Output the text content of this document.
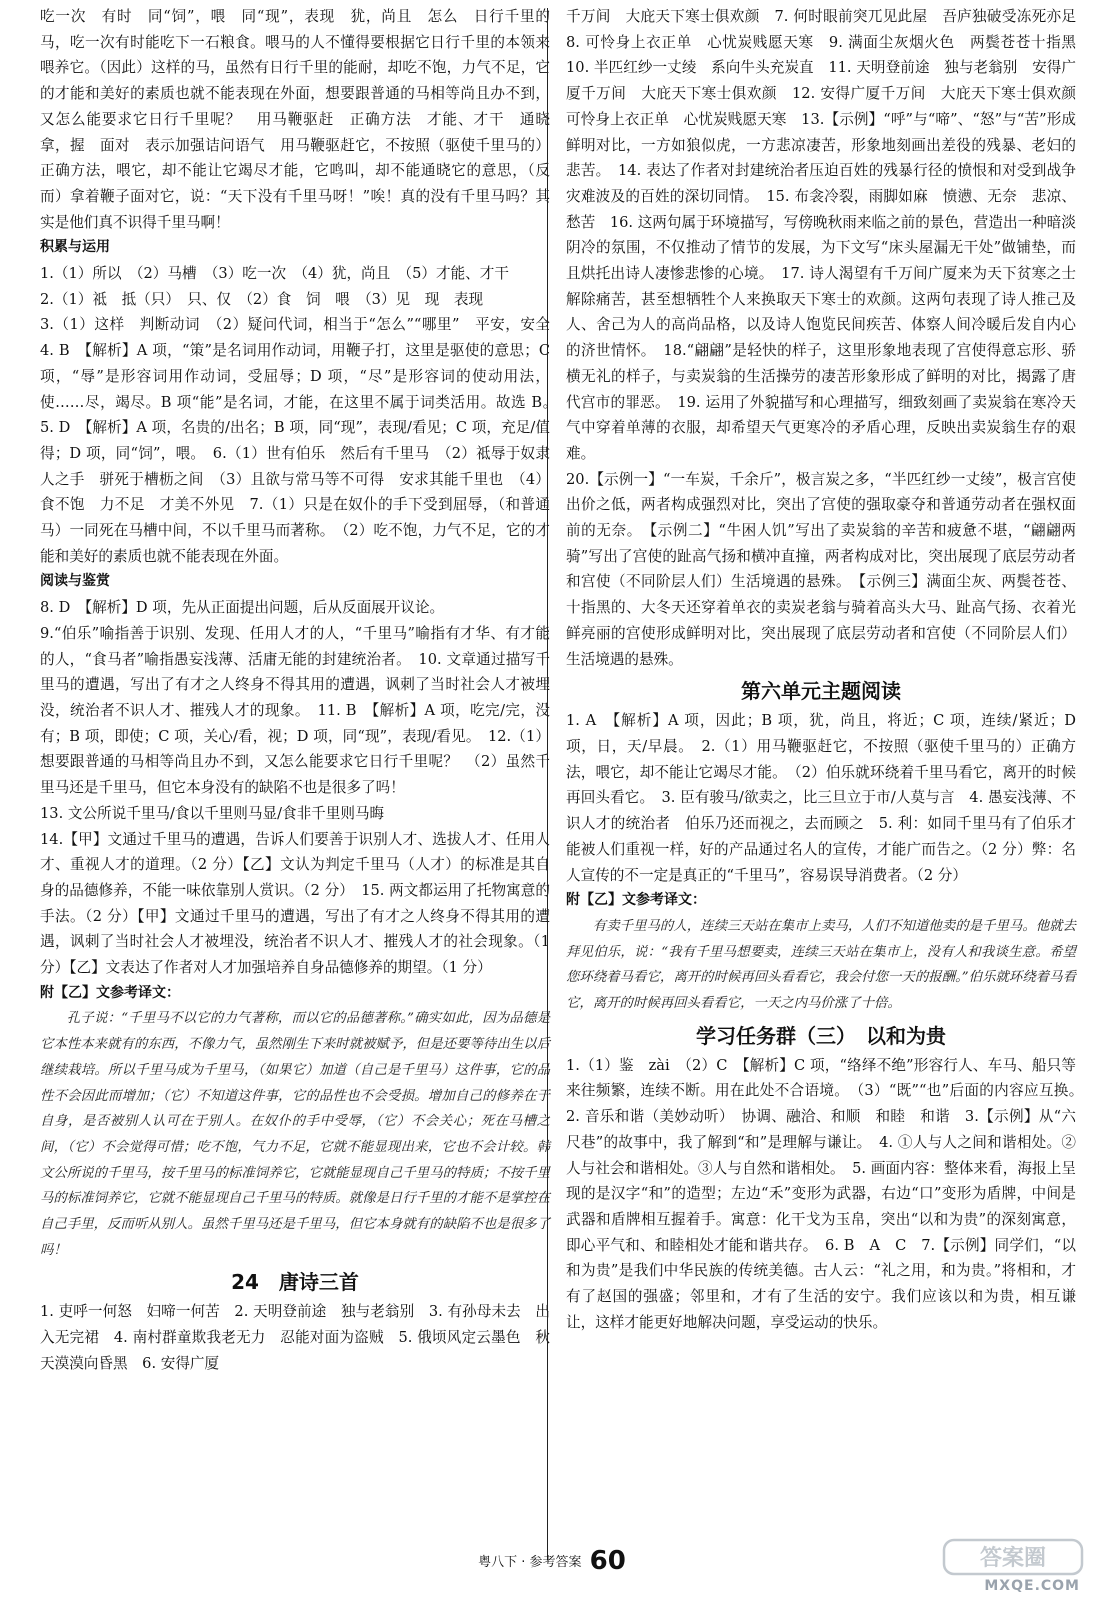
吃一次　有时　同“饲”，喂　同“现”，表现　犹，尚且　怎么　日行千里的马，吃一次有时能吃下一石粮食。喂马的人不懂得要根据它日行千里的本领来喂养它。（因此）这样的马，虽然有日行千里的能耐，却吃不饱，力气不足，它的才能和美好的素质也就不能表现在外面，想要跟普通的马相等尚且办不到，又怎么能要求它日行千里呢？　用马鞭驱赶　正确方法　才能、才干　通晓　拿，握　面对　表示加强诘问语气　用马鞭驱赶它，不按照（驱使千里马的）正确方法，喂它，却不能让它竭尽才能，它鸣叫，却不能通晓它的意思，（反而）拿着鞭子面对它，说：“天下没有千里马呀！”唉！真的没有千里马吗？其实是他们真不识得千里马啊！

积累与运用

1.（1）所以　（2）马槽　（3）吃一次　（4）犹，尚且　（5）才能、才干

2.（1）祗　抵（只）　只、仅　（2）食　饲　喂　（3）见　现　表现

3.（1）这样　判断动词　（2）疑问代词，相当于“怎么”“哪里”　平安，安全　4. B　【解析】A 项，“策”是名词用作动词，用鞭子打，这里是驱使的意思；C 项，“辱”是形容词用作动词，受屈辱；D 项，“尽”是形容词的使动用法，使……尽，竭尽。B 项“能”是名词，才能，在这里不属于词类活用。故选 B。　5. D　【解析】A 项，名贵的/出名；B 项，同“现”，表现/看见；C 项，充足/值得；D 项，同“饲”，喂。　6.（1）世有伯乐　然后有千里马　（2）祗辱于奴隶人之手　骈死于槽枥之间　（3）且欲与常马等不可得　安求其能千里也　（4）食不饱　力不足　才美不外见　7.（1）只是在奴仆的手下受到屈辱，（和普通马）一同死在马槽中间，不以千里马而著称。　（2）吃不饱，力气不足，它的才能和美好的素质也就不能表现在外面。

阅读与鉴赏

8. D　【解析】D 项，先从正面提出问题，后从反面展开议论。

9.“伯乐”喻指善于识别、发现、任用人才的人，“千里马”喻指有才华、有才能的人，“食马者”喻指愚妄浅薄、活庸无能的封建统治者。　10. 文章通过描写千里马的遭遇，写出了有才之人终身不得其用的遭遇，讽刺了当时社会人才被埋没，统治者不识人才、摧残人才的现象。　11. B　【解析】A 项，吃完/完，没有；B 项，即使；C 项，关心/看，视；D 项，同“现”，表现/看见。　12.（1）想要跟普通的马相等尚且办不到，又怎么能要求它日行千里呢？　（2）虽然千里马还是千里马，但它本身没有的缺陷不也是很多了吗！

13. 文公所说千里马/食以千里则马显/食非千里则马晦

14.【甲】文通过千里马的遭遇，告诉人们要善于识别人才、选拔人才、任用人才、重视人才的道理。（2 分）【乙】文认为判定千里马（人才）的标准是其自身的品德修养，不能一味依靠别人赏识。（2 分）　15. 两文都运用了托物寓意的手法。（2 分）【甲】文通过千里马的遭遇，写出了有才之人终身不得其用的遭遇，讽刺了当时社会人才被埋没，统治者不识人才、摧残人才的社会现象。（1 分）【乙】文表达了作者对人才加强培养自身品德修养的期望。（1 分）

附【乙】文参考译文：

孔子说：“千里马不以它的力气著称，而以它的品德著称。”确实如此，因为品德是它本性本来就有的东西，不像力气，虽然刚生下来时就被赋予，但是还要等待出生以后继续栽培。所以千里马成为千里马，（如果它）加道（自己是千里马）这件事，它的品性不会因此而增加；（它）不知道这件事，它的品性也不会受损。增加自己的修养在于自身，是否被别人认可在于别人。在奴仆的手中受辱，（它）不会关心；死在马槽之间，（它）不会觉得可惜；吃不饱，气力不足，它就不能显现出来，它也不会计较。韩文公所说的千里马，按千里马的标准饲养它，它就能显现自己千里马的特质；不按千里马的标准饲养它，它就不能显现自己千里马的特质。就像是日行千里的才能不是掌控在自己手里，反而听从别人。虽然千里马还是千里马，但它本身就有的缺陷不也是很多了吗！

24　唐诗三首

1. 吏呼一何怒　妇啼一何苦　2. 天明登前途　独与老翁别　3. 有孙母未去　出入无完裙　4. 南村群童欺我老无力　忍能对面为盗贼　5. 俄顷风定云墨色　秋天漠漠向昏黑　6. 安得广厦

千万间　大庇天下寒士俱欢颜　7. 何时眼前突兀见此屋　吾庐独破受冻死亦足　8. 可怜身上衣正单　心忧炭贱愿天寒　9. 满面尘灰烟火色　两鬓苍苍十指黑　10. 半匹红纱一丈绫　系向牛头充炭直　11. 天明登前途　独与老翁别　安得广厦千万间　大庇天下寒士俱欢颜　12. 安得广厦千万间　大庇天下寒士俱欢颜　可怜身上衣正单　心忧炭贱愿天寒　13.【示例】“呼”与“啼”、“怒”与“苦”形成鲜明对比，一方如狼似虎，一方悲凉凄苦，形象地刻画出差役的残暴、老妇的悲苦。　14. 表达了作者对封建统治者压迫百姓的残暴行径的愤恨和对受到战争灾难波及的百姓的深切同情。　15. 布衾冷裂，雨脚如麻　愤懑、无奈　悲凉、愁苦　16. 这两句属于环境描写，写傍晚秋雨来临之前的景色，营造出一种暗淡阴冷的氛围，不仅推动了情节的发展，为下文写“床头屋漏无干处”做铺垫，而且烘托出诗人凄惨悲惨的心境。　17. 诗人渴望有千万间广厦来为天下贫寒之士解除痛苦，甚至想牺牲个人来换取天下寒士的欢颜。这两句表现了诗人推己及人、舍己为人的高尚品格，以及诗人饱览民间疾苦、体察人间冷暖后发自内心的济世情怀。　18.“翩翩”是轻快的样子，这里形象地表现了宫使得意忘形、骄横无礼的样子，与卖炭翁的生活操劳的凄苦形象形成了鲜明的对比，揭露了唐代宫市的罪恶。　19. 运用了外貌描写和心理描写，细致刻画了卖炭翁在寒冷天气中穿着单薄的衣服，却希望天气更寒冷的矛盾心理，反映出卖炭翁生存的艰难。

20.【示例一】“一车炭，千余斤”，极言炭之多，“半匹红纱一丈绫”，极言宫使出价之低，两者构成强烈对比，突出了宫使的强取豪夺和普通劳动者在强权面前的无奈。　【示例二】“牛困人饥”写出了卖炭翁的辛苦和疲惫不堪，“翩翩两骑”写出了宫使的趾高气扬和横冲直撞，两者构成对比，突出展现了底层劳动者和宫使（不同阶层人们）生活境遇的悬殊。　【示例三】满面尘灰、两鬓苍苍、十指黑的、大冬天还穿着单衣的卖炭老翁与骑着高头大马、趾高气扬、衣着光鲜亮丽的宫使形成鲜明对比，突出展现了底层劳动者和宫使（不同阶层人们）生活境遇的悬殊。

第六单元主题阅读

1. A　【解析】A 项，因此；B 项，犹，尚且，将近；C 项，连续/紧近；D 项，日，天/早晨。　2.（1）用马鞭驱赶它，不按照（驱使千里马的）正确方法，喂它，却不能让它竭尽才能。　（2）伯乐就环绕着千里马看它，离开的时候再回头看它。　3. 臣有骏马/欲卖之，比三旦立于市/人莫与言　4. 愚妄浅薄、不识人才的统治者　伯乐乃还而视之，去而顾之　5. 利：如同千里马有了伯乐才能被人们重视一样，好的产品通过名人的宣传，才能广而告之。（2 分）弊：名人宣传的不一定是真正的“千里马”，容易误导消费者。（2 分）

附【乙】文参考译文：

有卖千里马的人，连续三天站在集市上卖马，人们不知道他卖的是千里马。他就去拜见伯乐，说：“我有千里马想要卖，连续三天站在集市上，没有人和我谈生意。希望您环绕着马看它，离开的时候再回头看看它，我会付您一天的报酬。”伯乐就环绕着马看它，离开的时候再回头看看它，一天之内马价涨了十倍。

学习任务群（三）　以和为贵

1.（1）鉴　zài　（2）C　【解析】C 项，“络绎不绝”形容行人、车马、船只等来往频繁，连续不断。用在此处不合语境。　（3）“既”“也”后面的内容应互换。　2. 音乐和谐（美妙动听）　协调、融洽、和顺　和睦　和谐　3.【示例】从“六尺巷”的故事中，我了解到“和”是理解与谦让。　4. ①人与人之间和谐相处。②人与社会和谐相处。③人与自然和谐相处。　5. 画面内容：整体来看，海报上呈现的是汉字“和”的造型；左边“禾”变形为武器，右边“口”变形为盾牌，中间是武器和盾牌相互握着手。寓意：化干戈为玉帛，突出“以和为贵”的深刻寓意，即心平气和、和睦相处才能和谐共存。　6. B　A　C　7.【示例】同学们，“以和为贵”是我们中华民族的传统美德。古人云：“礼之用，和为贵。”将相和，才有了赵国的强盛；邻里和，才有了生活的安宁。我们应该以和为贵，相互谦让，这样才能更好地解决问题，享受运动的快乐。

粤八下 · 参考答案 60	答案圈
MXQE.COM
